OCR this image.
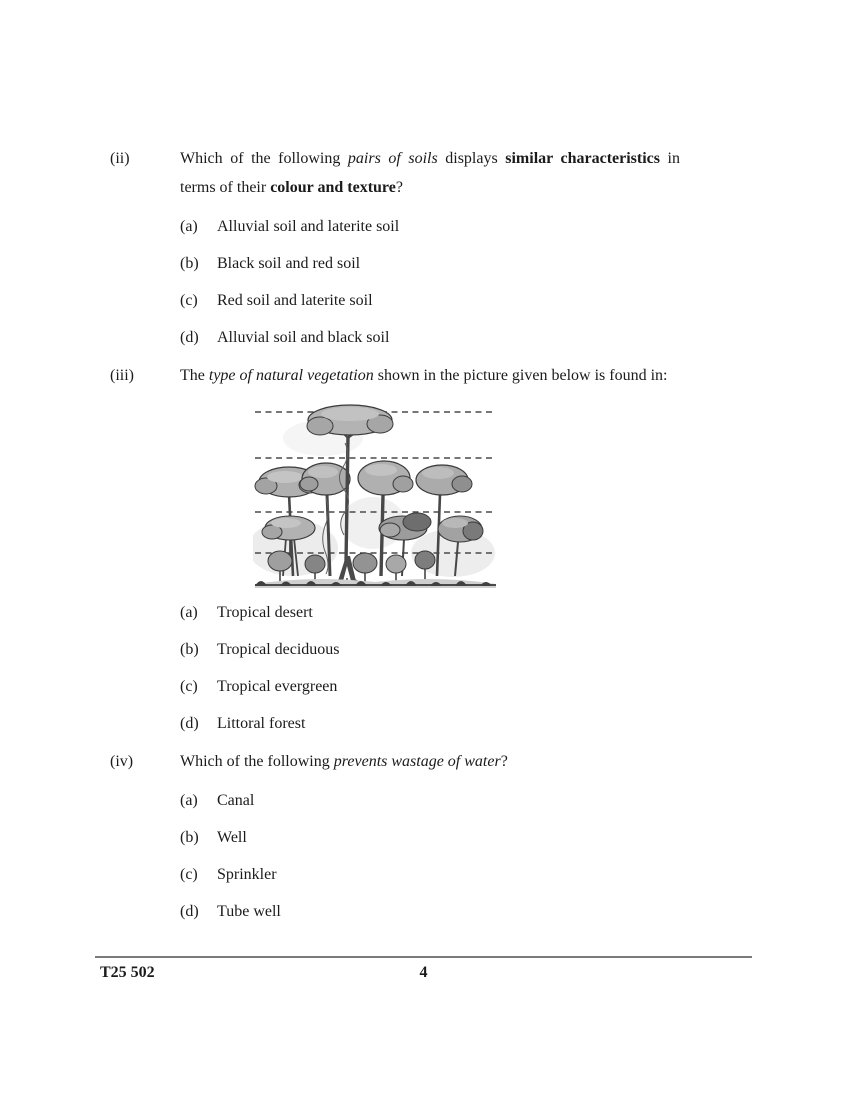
(ii)	Which of the following pairs of soils displays similar characteristics in terms of their colour and texture?
(a)	Alluvial soil and laterite soil
(b)	Black soil and red soil
(c)	Red soil and laterite soil
(d)	Alluvial soil and black soil
(iii)	The type of natural vegetation shown in the picture given below is found in:
(a)	Tropical desert
(b)	Tropical deciduous
(c)	Tropical evergreen
(d)	Littoral forest
(iv)	Which of the following prevents wastage of water?
(a)	Canal
(b)	Well
(c)	Sprinkler
(d)	Tube well
T25 502	4
